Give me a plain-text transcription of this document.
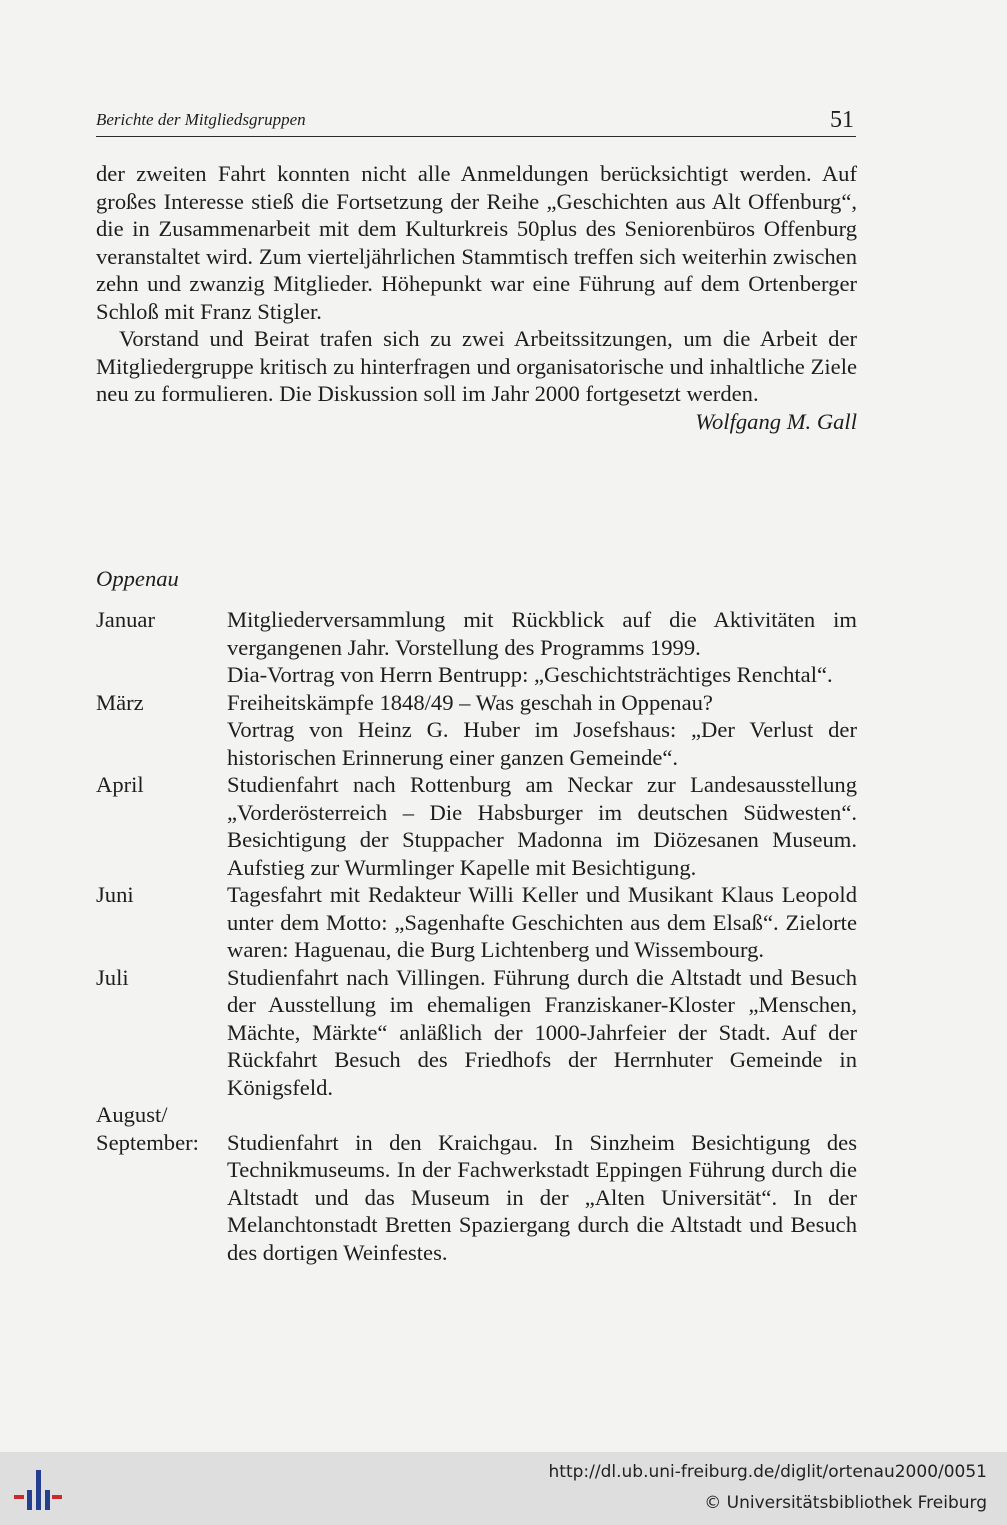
Berichte der Mitgliedsgruppen	51

der zweiten Fahrt konnten nicht alle Anmeldungen berücksichtigt werden. Auf großes Interesse stieß die Fortsetzung der Reihe „Geschichten aus Alt Offenburg“, die in Zusammenarbeit mit dem Kulturkreis 50plus des Seniorenbüros Offenburg veranstaltet wird. Zum vierteljährlichen Stammtisch treffen sich weiterhin zwischen zehn und zwanzig Mitglieder. Höhepunkt war eine Führung auf dem Ortenberger Schloß mit Franz Stigler.

Vorstand und Beirat trafen sich zu zwei Arbeitssitzungen, um die Arbeit der Mitgliedergruppe kritisch zu hinterfragen und organisatorische und inhaltliche Ziele neu zu formulieren. Die Diskussion soll im Jahr 2000 fortgesetzt werden.

Wolfgang M. Gall

Oppenau
Januar	Mitgliederversammlung mit Rückblick auf die Aktivitäten im vergangenen Jahr. Vorstellung des Programms 1999.

Dia-Vortrag von Herrn Bentrupp: „Geschichtsträchtiges Renchtal“.

März	Freiheitskämpfe 1848/49 – Was geschah in Oppenau?

Vortrag von Heinz G. Huber im Josefshaus: „Der Verlust der historischen Erinnerung einer ganzen Gemeinde“.

April	Studienfahrt nach Rottenburg am Neckar zur Landesausstellung „Vorderösterreich – Die Habsburger im deutschen Südwesten“. Besichtigung der Stuppacher Madonna im Diözesanen Museum. Aufstieg zur Wurmlinger Kapelle mit Besichtigung.

Juni	Tagesfahrt mit Redakteur Willi Keller und Musikant Klaus Leopold unter dem Motto: „Sagenhafte Geschichten aus dem Elsaß“. Zielorte waren: Haguenau, die Burg Lichtenberg und Wissembourg.

Juli	Studienfahrt nach Villingen. Führung durch die Altstadt und Besuch der Ausstellung im ehemaligen Franziskaner-Kloster „Menschen, Mächte, Märkte“ anläßlich der 1000-Jahrfeier der Stadt. Auf der Rückfahrt Besuch des Friedhofs der Herrnhuter Gemeinde in Königsfeld.

August/
September:	Studienfahrt in den Kraichgau. In Sinzheim Besichtigung des Technikmuseums. In der Fachwerkstadt Eppingen Führung durch die Altstadt und das Museum in der „Alten Universität“. In der Melanchtonstadt Bretten Spaziergang durch die Altstadt und Besuch des dortigen Weinfestes.

http://dl.ub.uni-freiburg.de/diglit/ortenau2000/0051
© Universitätsbibliothek Freiburg
